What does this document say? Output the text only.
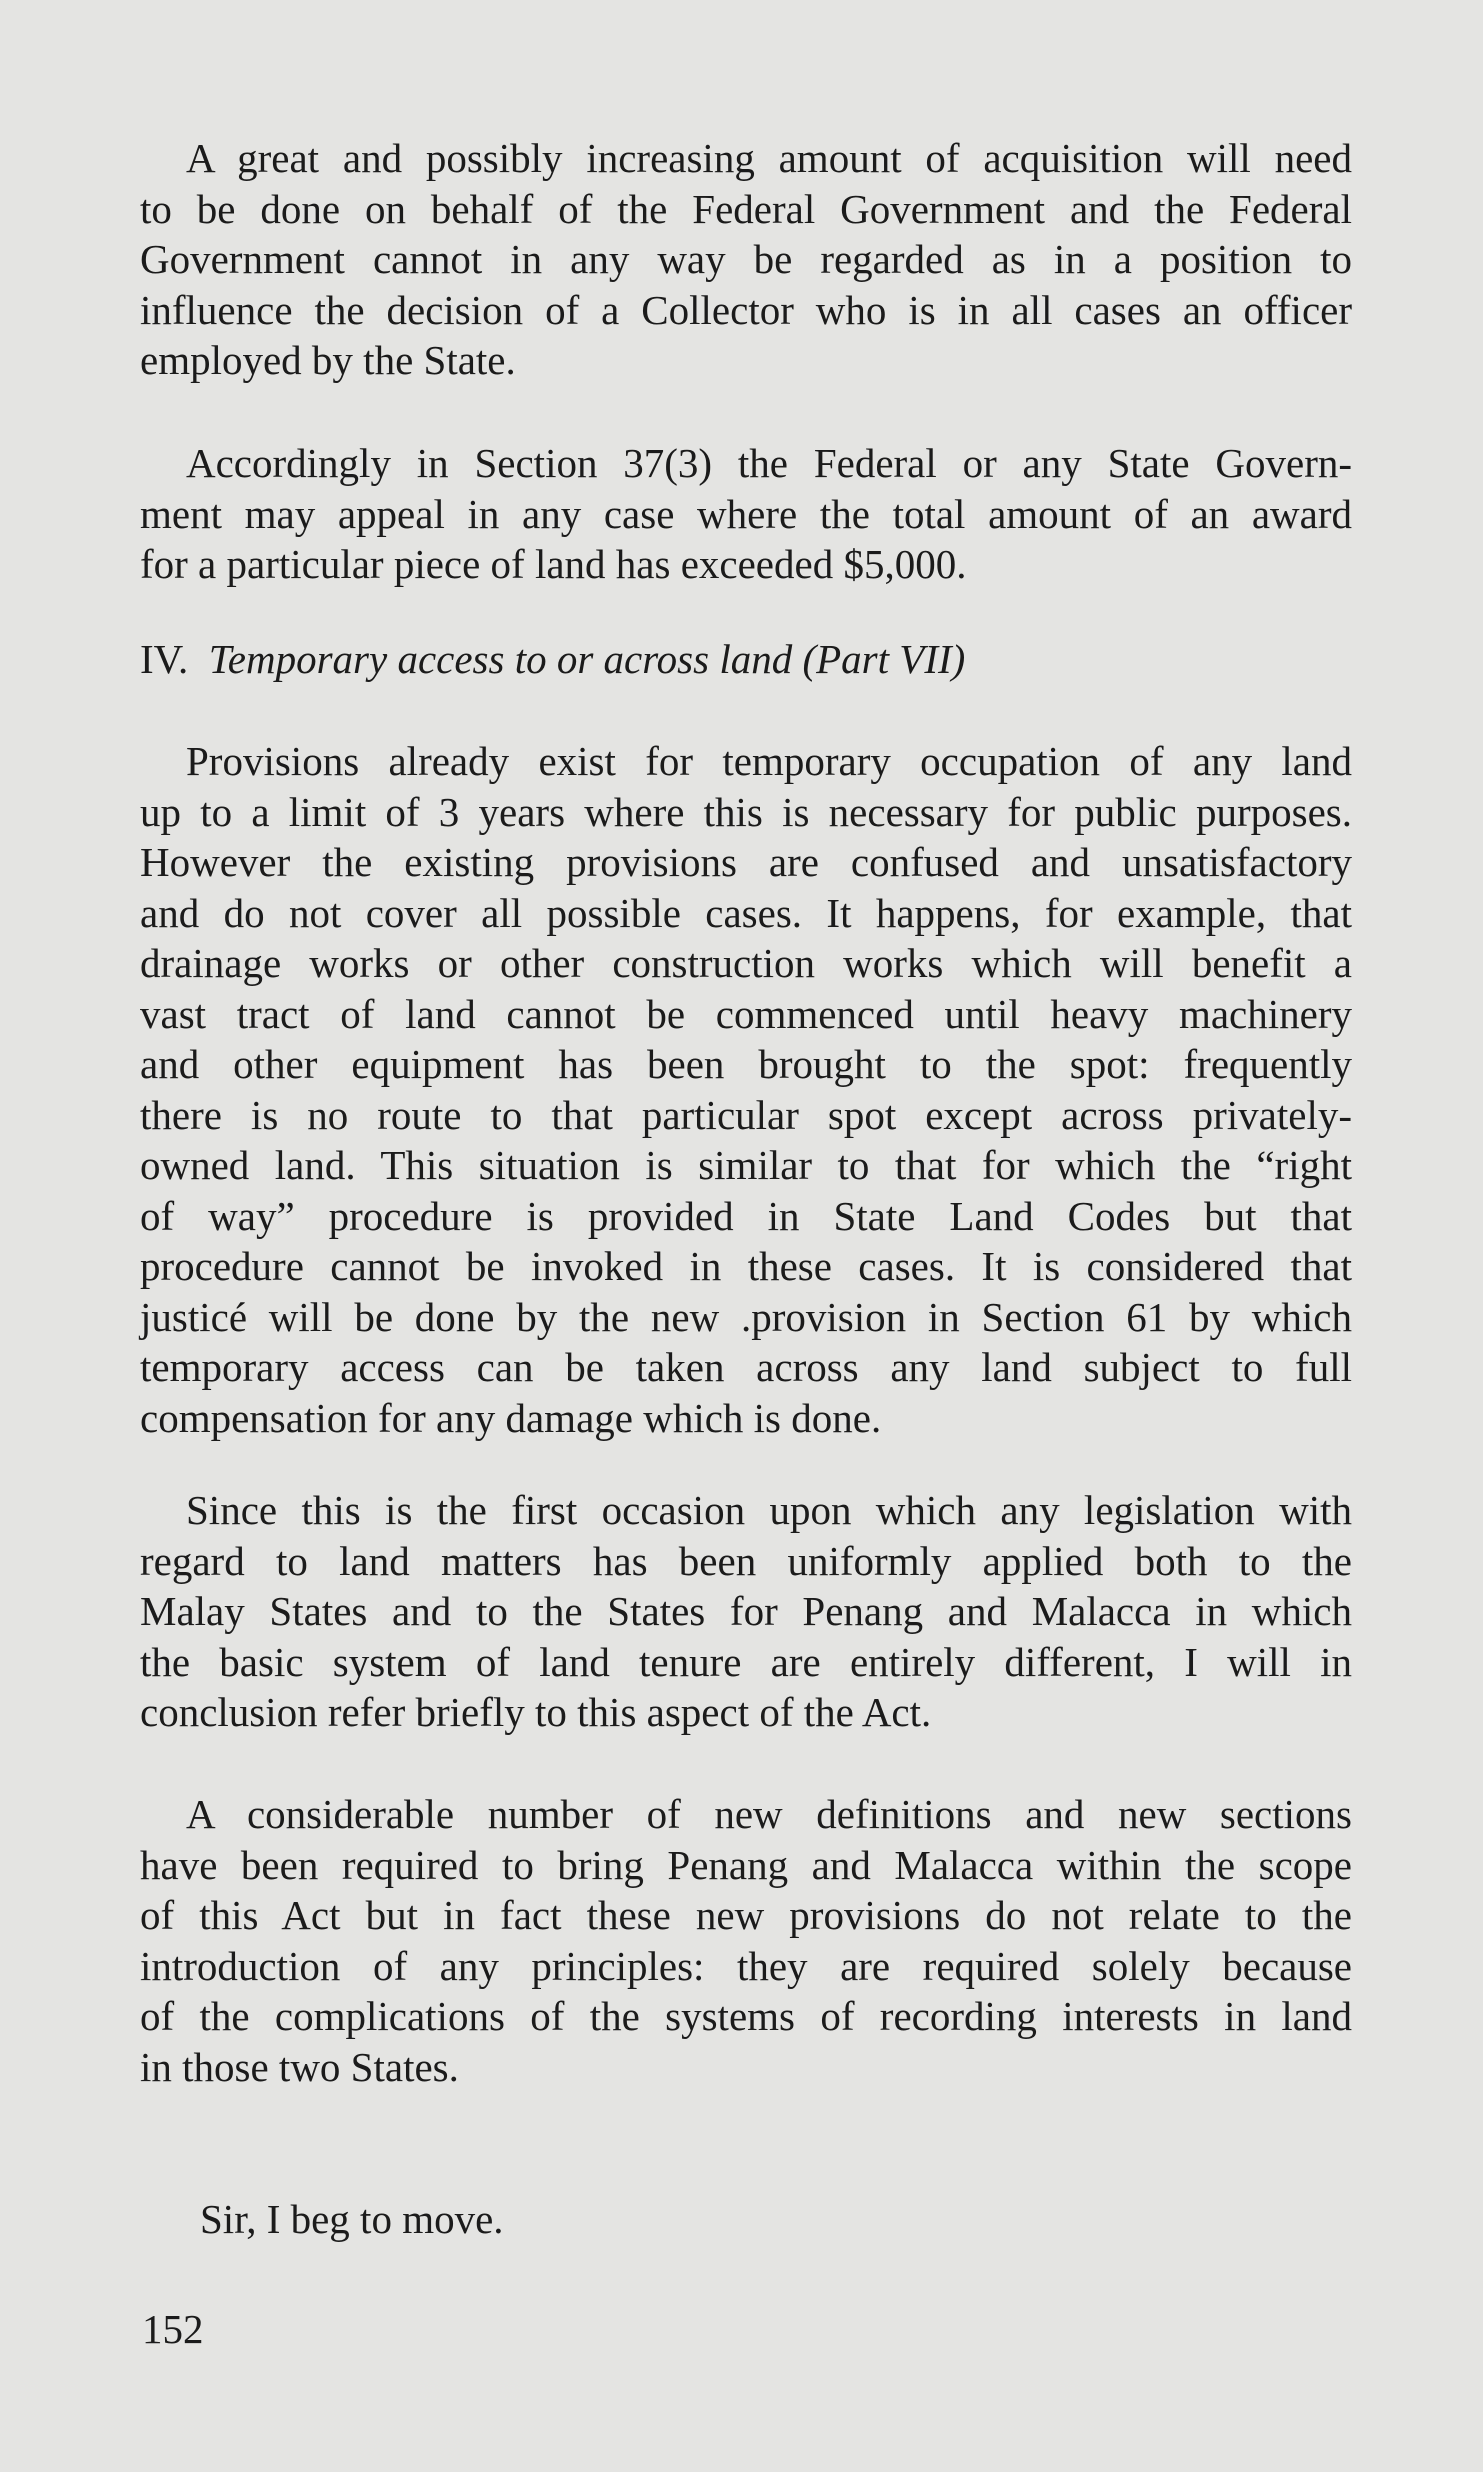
A great and possibly increasing amount of acquisition will need
to be done on behalf of the Federal Government and the Federal
Government cannot in any way be regarded as in a position to
influence the decision of a Collector who is in all cases an officer
employed by the State.
Accordingly in Section 37(3) the Federal or any State Govern-
ment may appeal in any case where the total amount of an award
for a particular piece of land has exceeded $5,000.
IV. Temporary access to or across land (Part VII)
Provisions already exist for temporary occupation of any land
up to a limit of 3 years where this is necessary for public purposes.
However the existing provisions are confused and unsatisfactory
and do not cover all possible cases. It happens, for example, that
drainage works or other construction works which will benefit a
vast tract of land cannot be commenced until heavy machinery
and other equipment has been brought to the spot: frequently
there is no route to that particular spot except across privately-
owned land. This situation is similar to that for which the “right
of way” procedure is provided in State Land Codes but that
procedure cannot be invoked in these cases. It is considered that
justicé will be done by the new .provision in Section 61 by which
temporary access can be taken across any land subject to full
compensation for any damage which is done.
Since this is the first occasion upon which any legislation with
regard to land matters has been uniformly applied both to the
Malay States and to the States for Penang and Malacca in which
the basic system of land tenure are entirely different, I will in
conclusion refer briefly to this aspect of the Act.
A considerable number of new definitions and new sections
have been required to bring Penang and Malacca within the scope
of this Act but in fact these new provisions do not relate to the
introduction of any principles: they are required solely because
of the complications of the systems of recording interests in land
in those two States.
Sir, I beg to move.
152
